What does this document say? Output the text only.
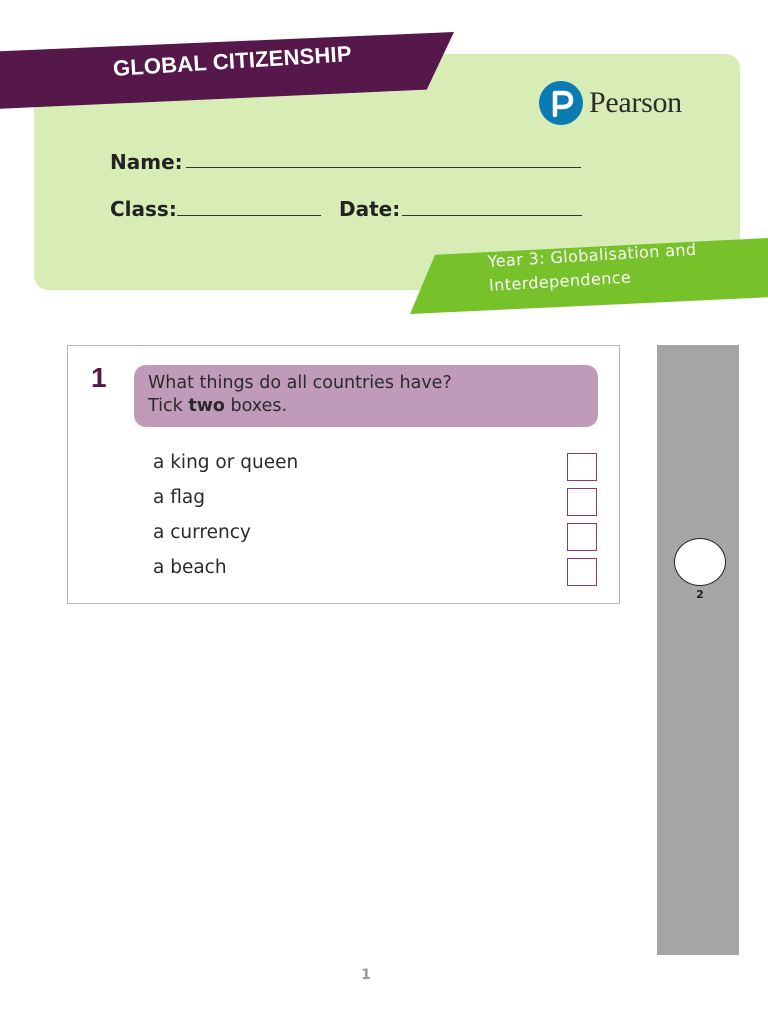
GLOBAL CITIZENSHIP
Pearson
Name:
Class:	Date:
Year 3: Globalisation and
Interdependence
1 What things do all countries have?
Tick two boxes.
a king or queen
a flag
a currency
a beach
2
1
